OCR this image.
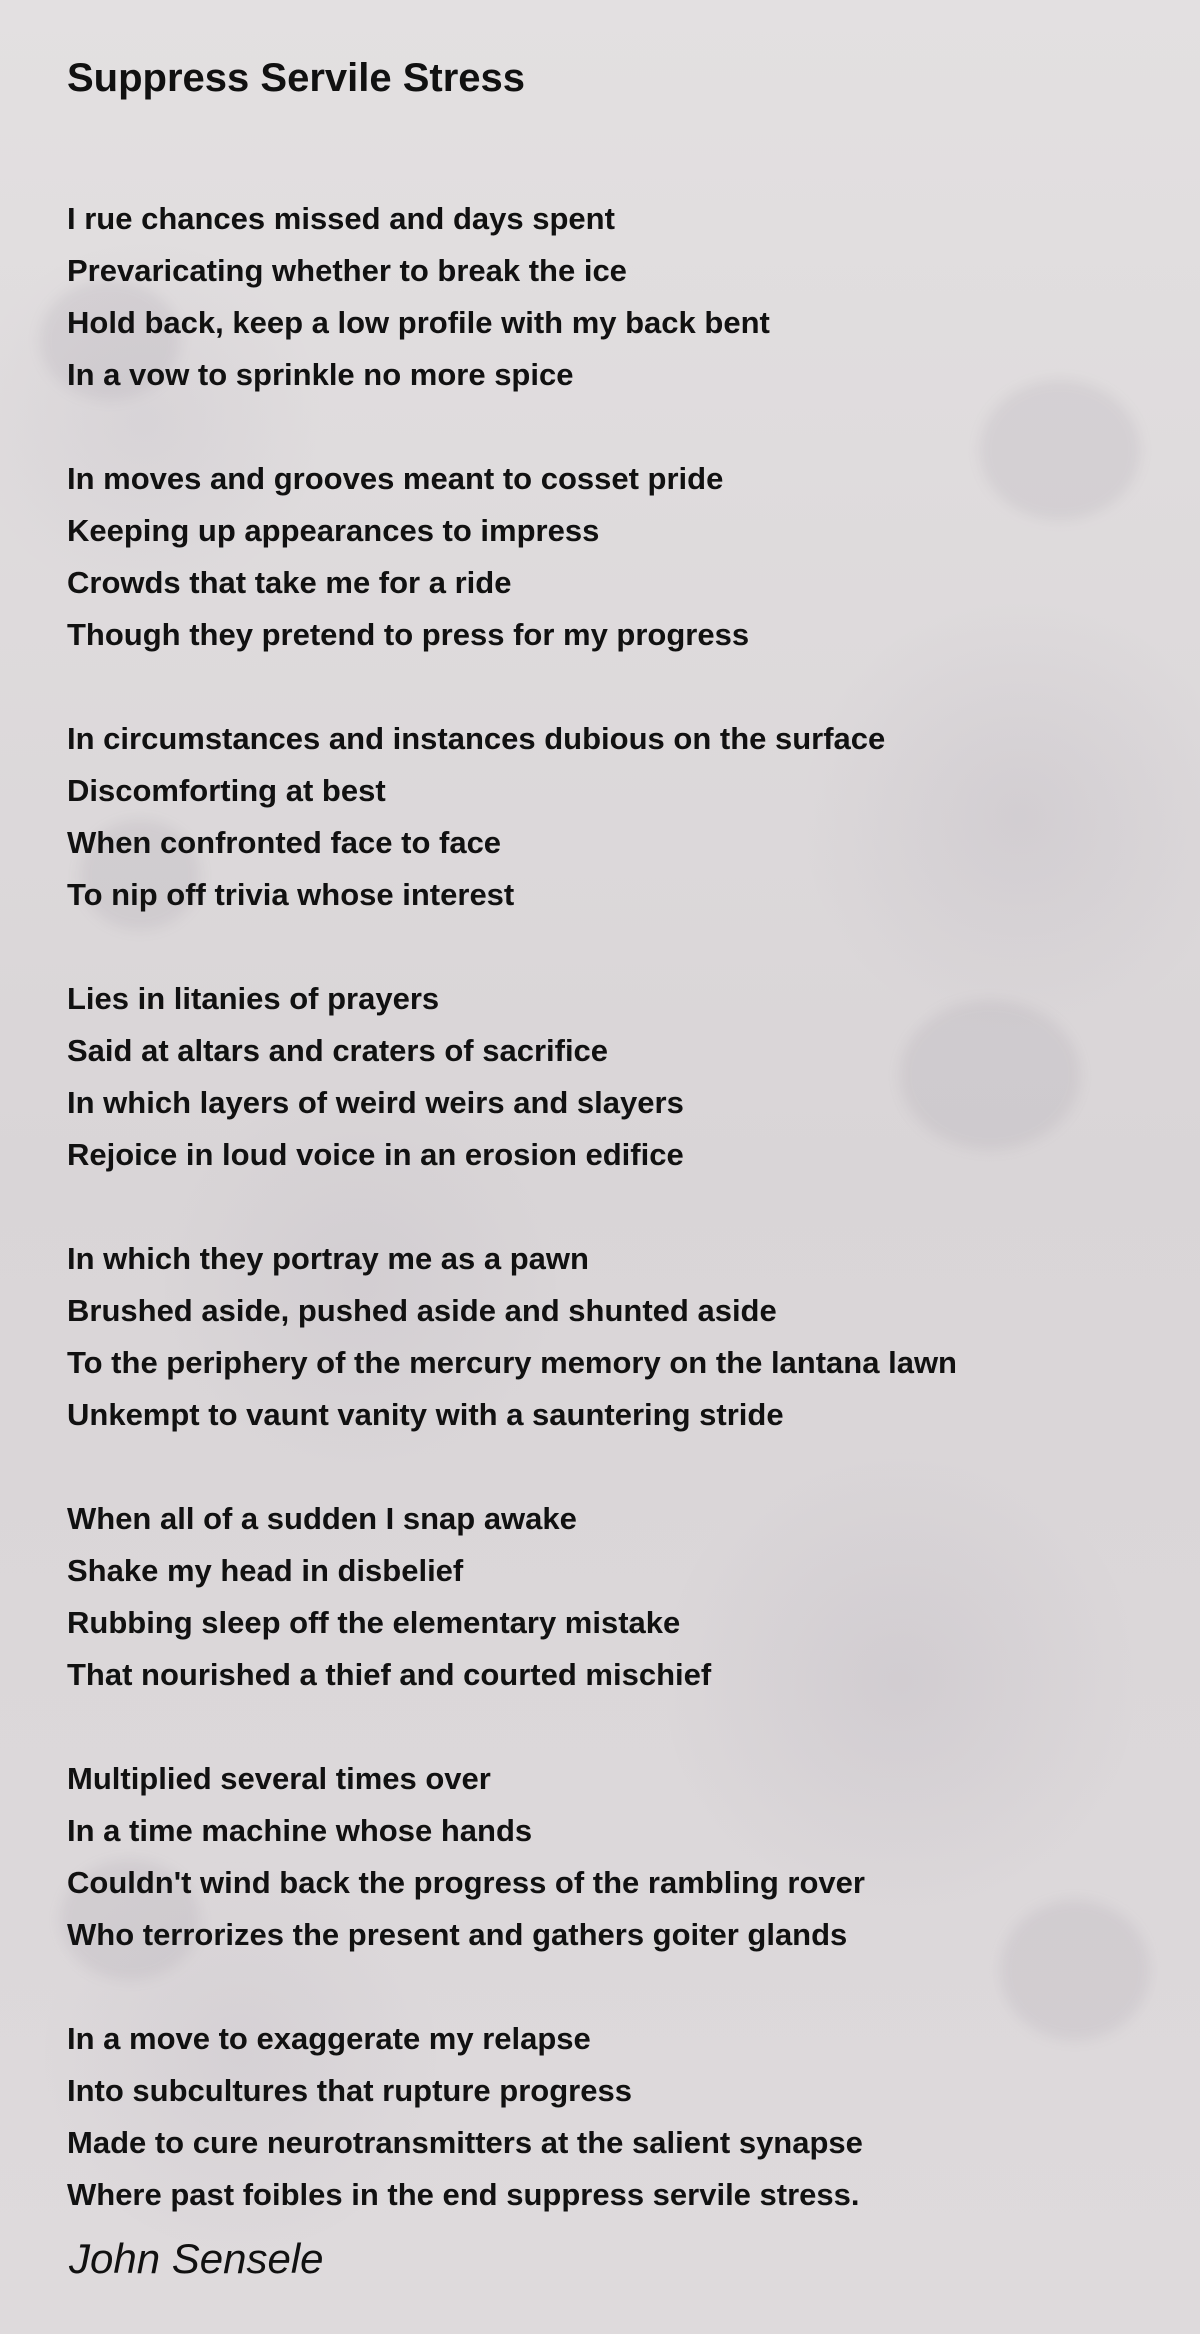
Suppress Servile Stress
I rue chances missed and days spent
Prevaricating whether to break the ice
Hold back, keep a low profile with my back bent
In a vow to sprinkle no more spice
In moves and grooves meant to cosset pride
Keeping up appearances to impress
Crowds that take me for a ride
Though they pretend to press for my progress
In circumstances and instances dubious on the surface
Discomforting at best
When confronted face to face
To nip off trivia whose interest
Lies in litanies of prayers
Said at altars and craters of sacrifice
In which layers of weird weirs and slayers
Rejoice in loud voice in an erosion edifice
In which they portray me as a pawn
Brushed aside, pushed aside and shunted aside
To the periphery of the mercury memory on the lantana lawn
Unkempt to vaunt vanity with a sauntering stride
When all of a sudden I snap awake
Shake my head in disbelief
Rubbing sleep off the elementary mistake
That nourished a thief and courted mischief
Multiplied several times over
In a time machine whose hands
Couldn't wind back the progress of the rambling rover
Who terrorizes the present and gathers goiter glands
In a move to exaggerate my relapse
Into subcultures that rupture progress
Made to cure neurotransmitters at the salient synapse
Where past foibles in the end suppress servile stress.
John Sensele
